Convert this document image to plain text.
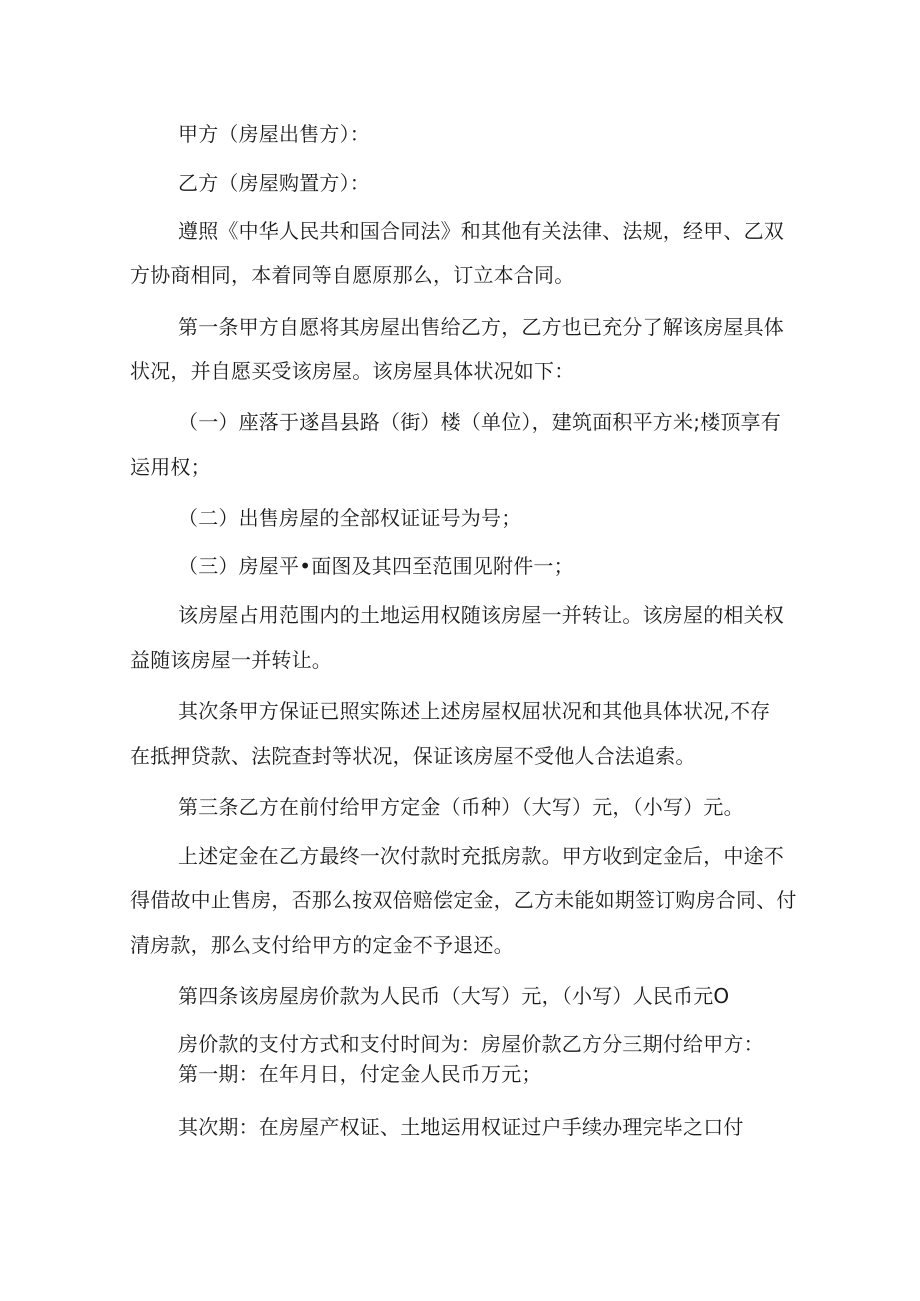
甲方（房屋出售方）：
乙方（房屋购置方）：
遵照《中华人民共和国合同法》和其他有关法律、法规，经甲、乙双
方协商相同，本着同等自愿原那么，订立本合同。
第一条甲方自愿将其房屋出售给乙方，乙方也已充分了解该房屋具体
状况，并自愿买受该房屋。该房屋具体状况如下：
（一）座落于遂昌县路（街）楼（单位），建筑面积平方米;楼顶享有
运用权；
（二）出售房屋的全部权证证号为号；
（三）房屋平•面图及其四至范围见附件一；
该房屋占用范围内的土地运用权随该房屋一并转让。该房屋的相关权
益随该房屋一并转让。
其次条甲方保证已照实陈述上述房屋权屈状况和其他具体状况,不存
在抵押贷款、法院查封等状况，保证该房屋不受他人合法追索。
第三条乙方在前付给甲方定金（币种）（大写）元，（小写）元。
上述定金在乙方最终一次付款时充抵房款。甲方收到定金后，中途不
得借故中止售房，否那么按双倍赔偿定金，乙方未能如期签订购房合同、付
清房款，那么支付给甲方的定金不予退还。
第四条该房屋房价款为人民币（大写）元，（小写）人民币元O
房价款的支付方式和支付时间为：房屋价款乙方分三期付给甲方：
第一期：在年月日，付定金人民币万元；
其次期：在房屋产权证、土地运用权证过户手续办理完毕之口付
